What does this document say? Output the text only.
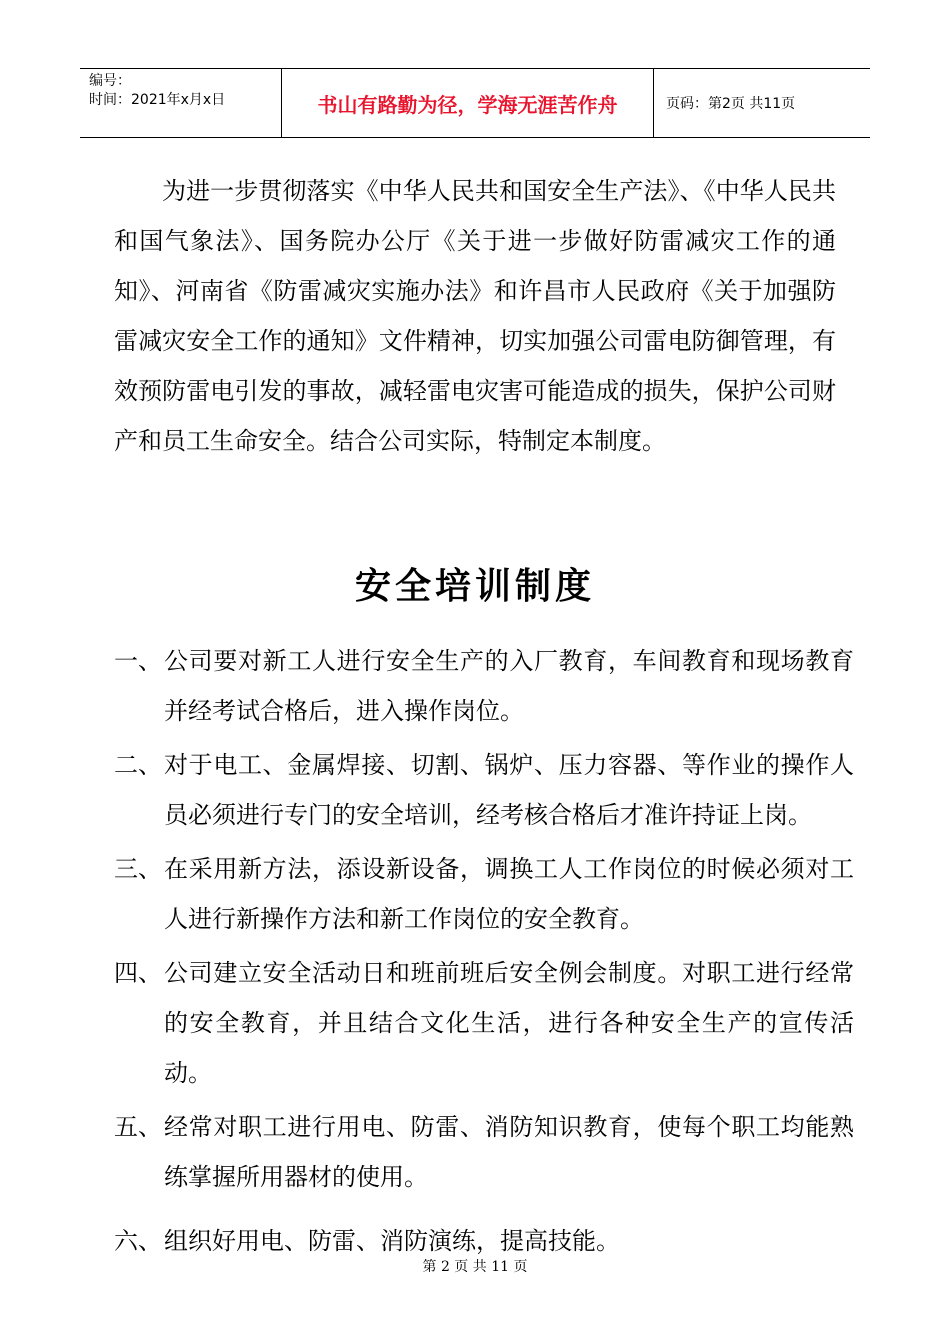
编号：
时间：2021年x月x日	书山有路勤为径，学海无涯苦作舟	页码：第2页 共11页

为进一步贯彻落实《中华人民共和国安全生产法》、《中华人民共和国气象法》、国务院办公厅《关于进一步做好防雷减灾工作的通知》、河南省《防雷减灾实施办法》和许昌市人民政府《关于加强防雷减灾安全工作的通知》文件精神，切实加强公司雷电防御管理，有效预防雷电引发的事故，减轻雷电灾害可能造成的损失，保护公司财产和员工生命安全。结合公司实际，特制定本制度。

安全培训制度
一、 公司要对新工人进行安全生产的入厂教育，车间教育和现场教育并经考试合格后，进入操作岗位。
二、 对于电工、金属焊接、切割、锅炉、压力容器、等作业的操作人员必须进行专门的安全培训，经考核合格后才准许持证上岗。
三、 在采用新方法，添设新设备，调换工人工作岗位的时候必须对工人进行新操作方法和新工作岗位的安全教育。
四、 公司建立安全活动日和班前班后安全例会制度。对职工进行经常的安全教育，并且结合文化生活，进行各种安全生产的宣传活动。
五、 经常对职工进行用电、防雷、消防知识教育，使每个职工均能熟练掌握所用器材的使用。
六、 组织好用电、防雷、消防演练，提高技能。
第 2 页 共 11 页
